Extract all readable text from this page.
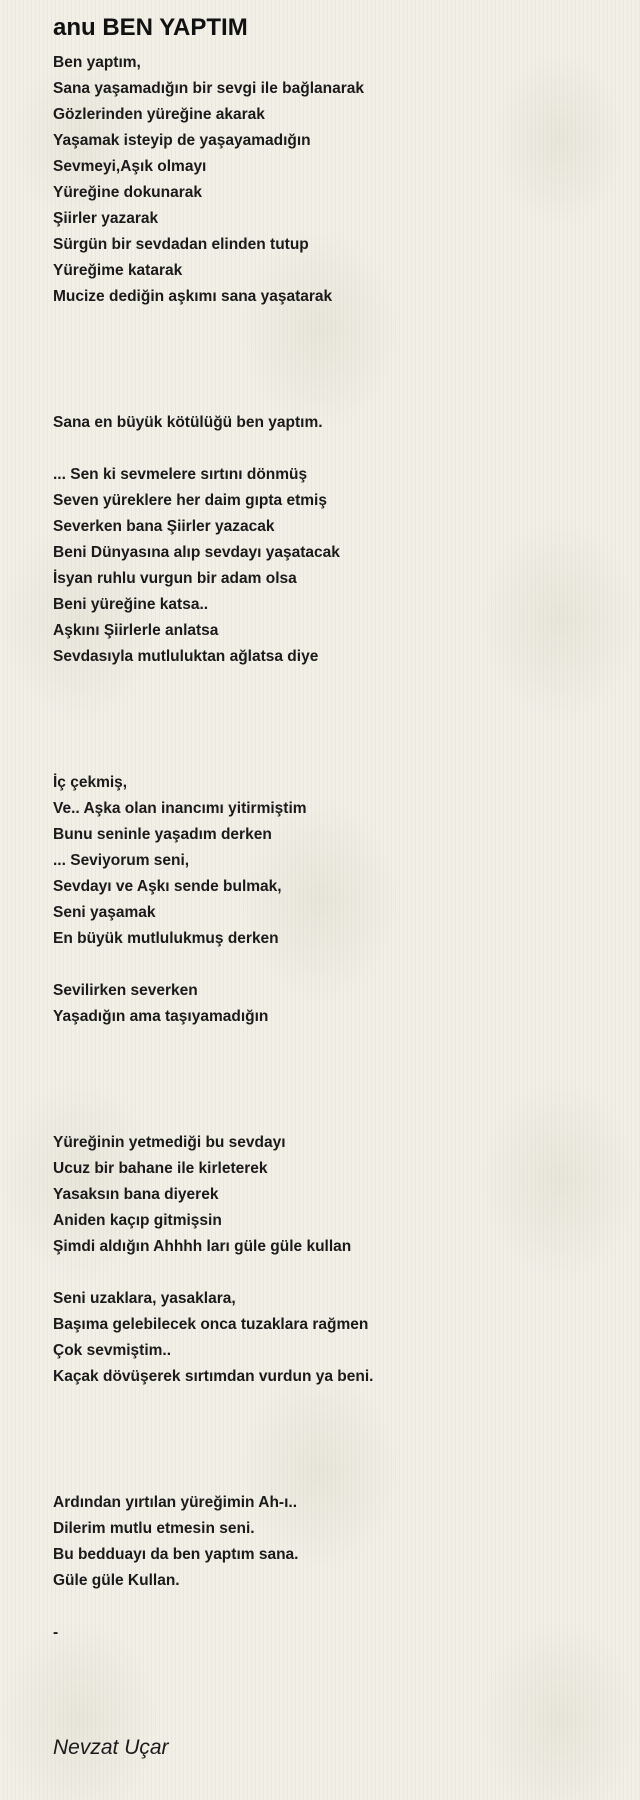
anu BEN YAPTIM
Ben yaptım,
Sana yaşamadığın bir sevgi ile bağlanarak
Gözlerinden yüreğine akarak
Yaşamak isteyip de yaşayamadığın
Sevmeyi,Aşık olmayı
Yüreğine dokunarak
Şiirler yazarak
Sürgün bir sevdadan elinden tutup
Yüreğime katarak
Mucize dediğin aşkımı sana yaşatarak
Sana en büyük kötülüğü ben yaptım.
... Sen ki sevmelere sırtını dönmüş
Seven yüreklere her daim gıpta etmiş
Severken bana Şiirler yazacak
Beni Dünyasına alıp sevdayı yaşatacak
İsyan ruhlu vurgun bir adam olsa
Beni yüreğine katsa..
Aşkını Şiirlerle anlatsa
Sevdasıyla mutluluktan ağlatsa diye
İç çekmiş,
Ve.. Aşka olan inancımı yitirmiştim
Bunu seninle yaşadım derken
... Seviyorum seni,
Sevdayı ve Aşkı sende bulmak,
Seni yaşamak
En büyük mutlulukmuş derken
Sevilirken severken
Yaşadığın ama taşıyamadığın
Yüreğinin yetmediği bu sevdayı
Ucuz bir bahane ile kirleterek
Yasaksın bana diyerek
Aniden kaçıp gitmişsin
Şimdi aldığın Ahhhh ları güle güle kullan
Seni uzaklara, yasaklara,
Başıma gelebilecek onca tuzaklara rağmen
Çok sevmiştim..
Kaçak dövüşerek sırtımdan vurdun ya beni.
Ardından yırtılan yüreğimin Ah-ı..
Dilerim mutlu etmesin seni.
Bu bedduayı da ben yaptım sana.
Güle güle Kullan.
-
Nevzat Uçar
